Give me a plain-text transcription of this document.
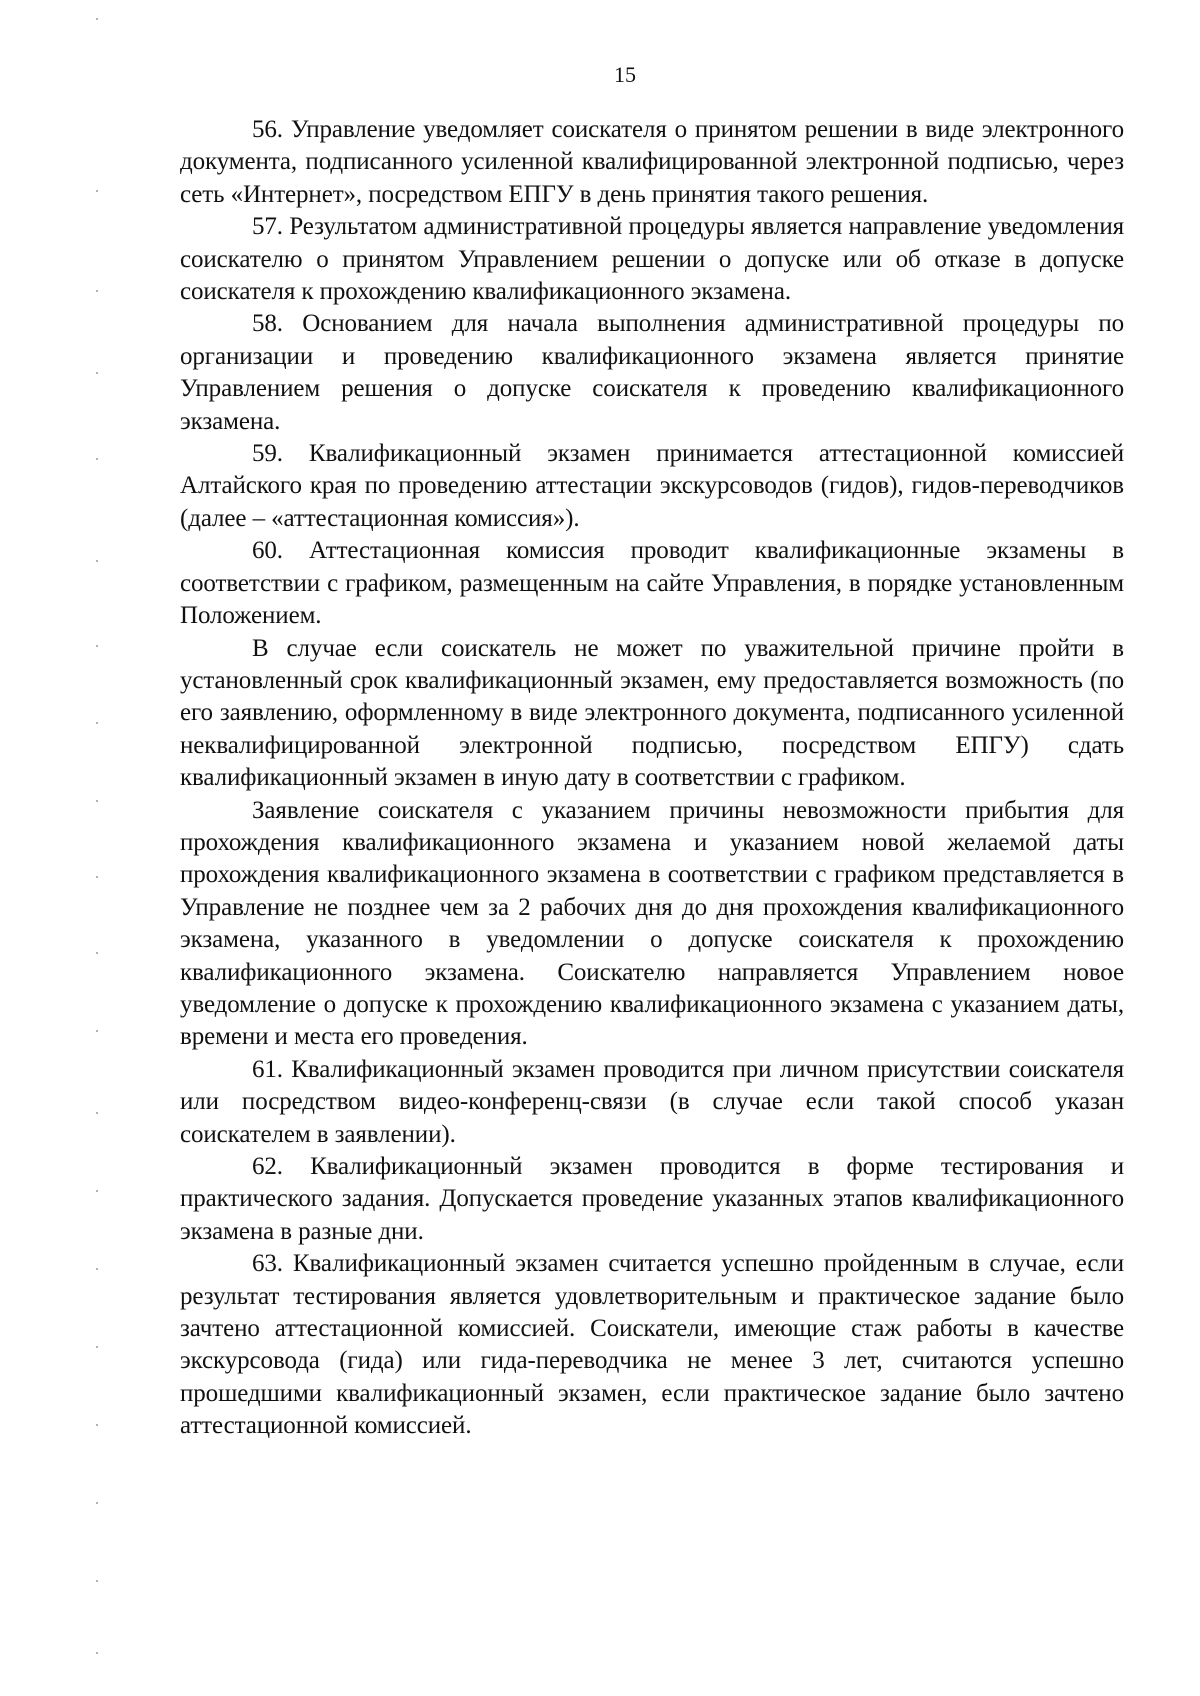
15

56. Управление уведомляет соискателя о принятом решении в виде электронного документа, подписанного усиленной квалифицированной электронной подписью, через сеть «Интернет», посредством ЕПГУ в день принятия такого решения.

57. Результатом административной процедуры является направление уведомления соискателю о принятом Управлением решении о допуске или об отказе в допуске соискателя к прохождению квалификационного экзамена.

58. Основанием для начала выполнения административной процедуры по организации и проведению квалификационного экзамена является принятие Управлением решения о допуске соискателя к проведению квалификационного экзамена.

59. Квалификационный экзамен принимается аттестационной комиссией Алтайского края по проведению аттестации экскурсоводов (гидов), гидов-переводчиков (далее – «аттестационная комиссия»).

60. Аттестационная комиссия проводит квалификационные экзамены в соответствии с графиком, размещенным на сайте Управления, в порядке установленным Положением.

В случае если соискатель не может по уважительной причине пройти в установленный срок квалификационный экзамен, ему предоставляется возможность (по его заявлению, оформленному в виде электронного документа, подписанного усиленной неквалифицированной электронной подписью, посредством ЕПГУ) сдать квалификационный экзамен в иную дату в соответствии с графиком.

Заявление соискателя с указанием причины невозможности прибытия для прохождения квалификационного экзамена и указанием новой желаемой даты прохождения квалификационного экзамена в соответствии с графиком представляется в Управление не позднее чем за 2 рабочих дня до дня прохождения квалификационного экзамена, указанного в уведомлении о допуске соискателя к прохождению квалификационного экзамена. Соискателю направляется Управлением новое уведомление о допуске к прохождению квалификационного экзамена с указанием даты, времени и места его проведения.

61. Квалификационный экзамен проводится при личном присутствии соискателя или посредством видео-конференц-связи (в случае если такой способ указан соискателем в заявлении).

62. Квалификационный экзамен проводится в форме тестирования и практического задания. Допускается проведение указанных этапов квалификационного экзамена в разные дни.

63. Квалификационный экзамен считается успешно пройденным в случае, если результат тестирования является удовлетворительным и практическое задание было зачтено аттестационной комиссией. Соискатели, имеющие стаж работы в качестве экскурсовода (гида) или гида-переводчика не менее 3 лет, считаются успешно прошедшими квалификационный экзамен, если практическое задание было зачтено аттестационной комиссией.
